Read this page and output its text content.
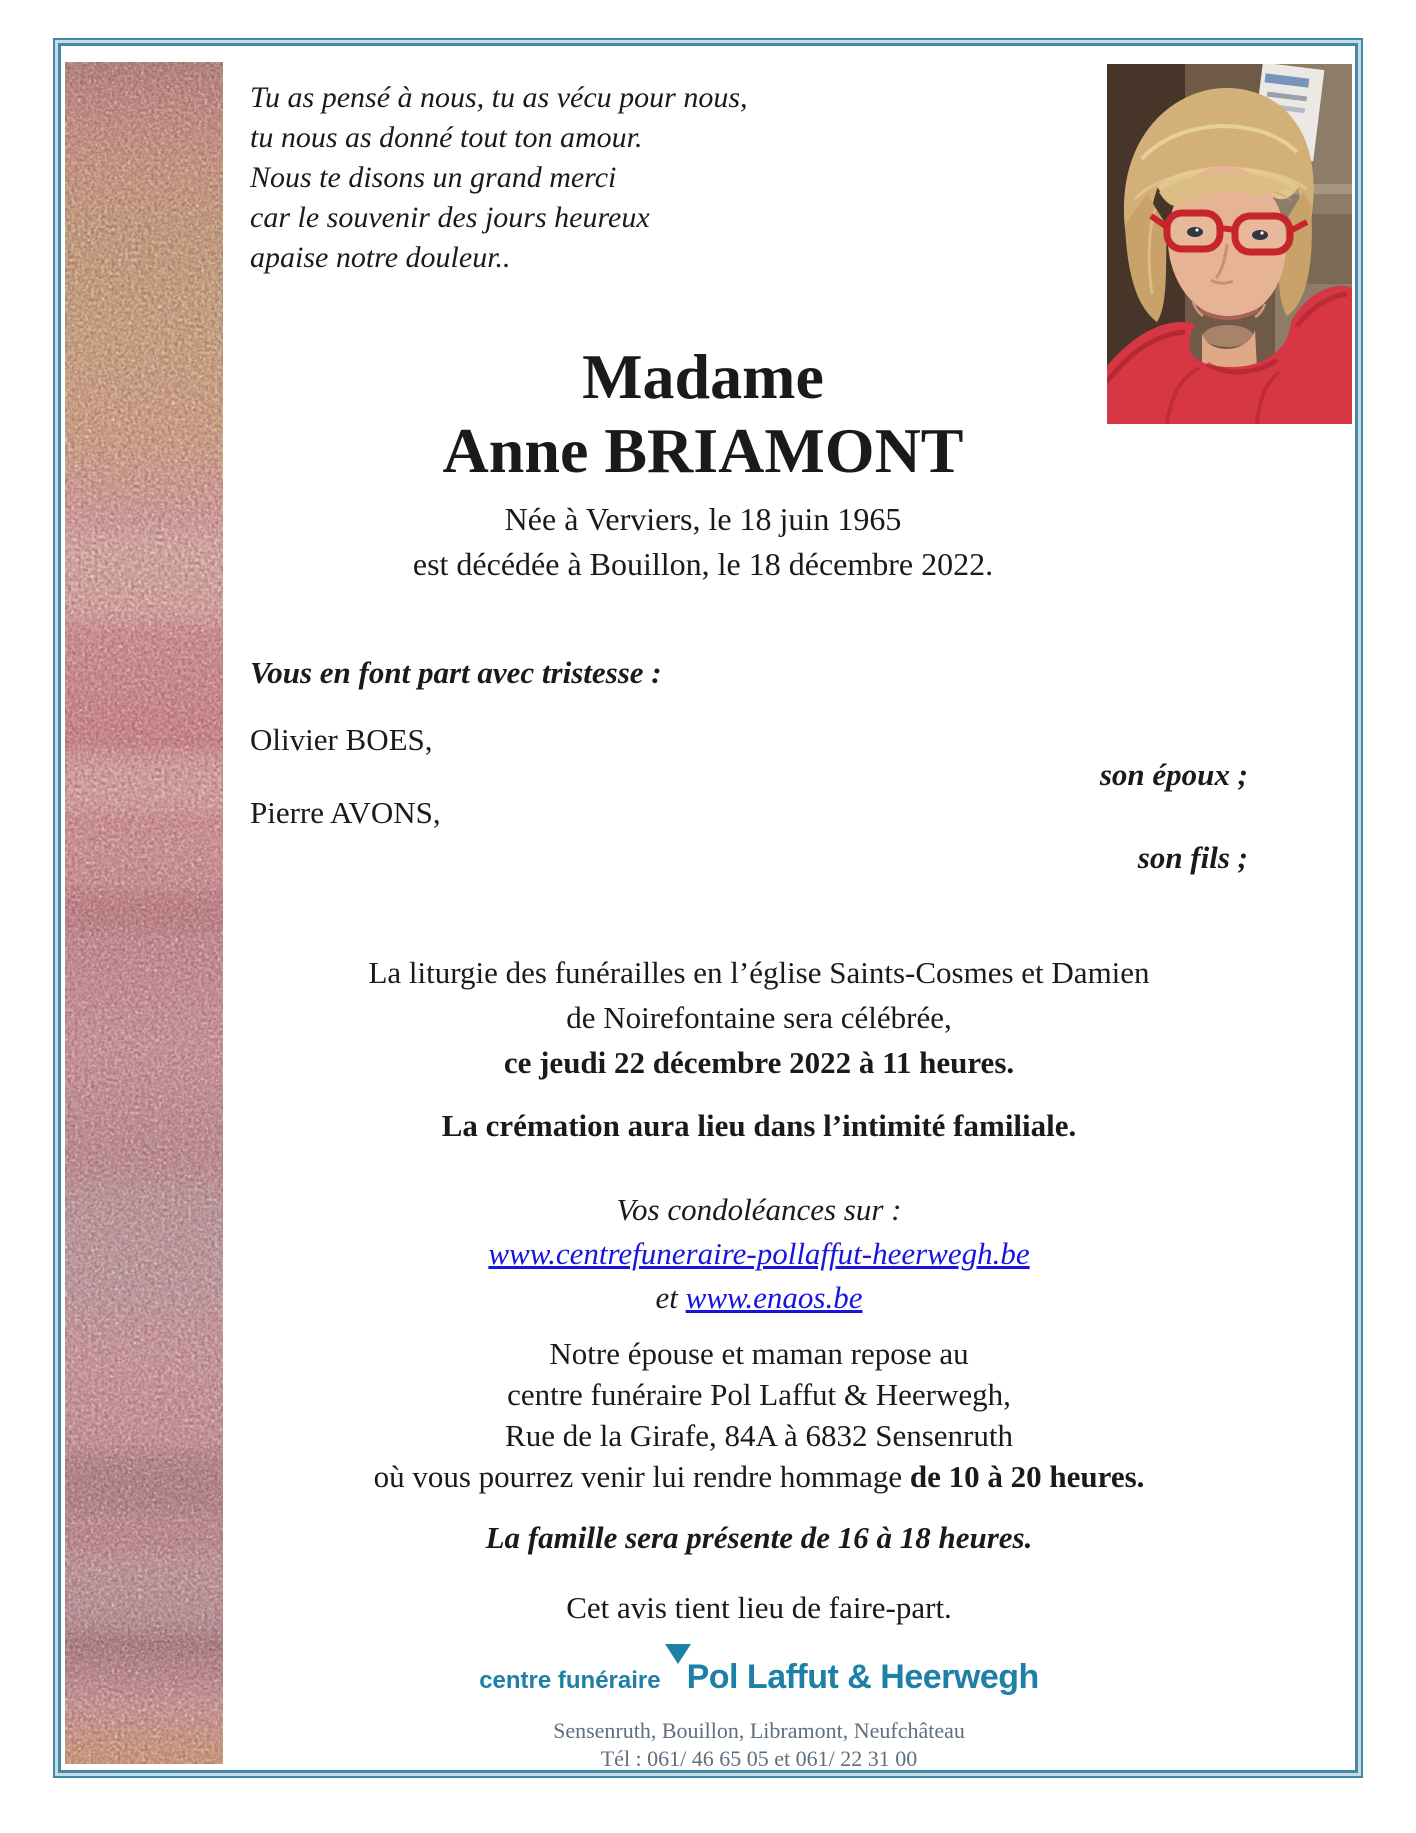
Tu as pensé à nous, tu as vécu pour nous,
tu nous as donné tout ton amour.
Nous te disons un grand merci
car le souvenir des jours heureux
apaise notre douleur..
Madame
Anne BRIAMONT
Née à Verviers, le 18 juin 1965
est décédée à Bouillon, le 18 décembre 2022.
Vous en font part avec tristesse :
Olivier BOES,
son époux ;
Pierre AVONS,
son fils ;
La liturgie des funérailles en l’église Saints-Cosmes et Damien
de Noirefontaine sera célébrée,
ce jeudi 22 décembre 2022 à 11 heures.
La crémation aura lieu dans l’intimité familiale.
Vos condoléances sur :
www.centrefuneraire-pollaffut-heerwegh.be
et www.enaos.be
Notre épouse et maman repose au
centre funéraire Pol Laffut & Heerwegh,
Rue de la Girafe, 84A à 6832 Sensenruth
où vous pourrez venir lui rendre hommage de 10 à 20 heures.
La famille sera présente de 16 à 18 heures.
Cet avis tient lieu de faire-part.
centre funéraire Pol Laffut & Heerwegh
Sensenruth, Bouillon, Libramont, Neufchâteau
Tél : 061/ 46 65 05 et 061/ 22 31 00
